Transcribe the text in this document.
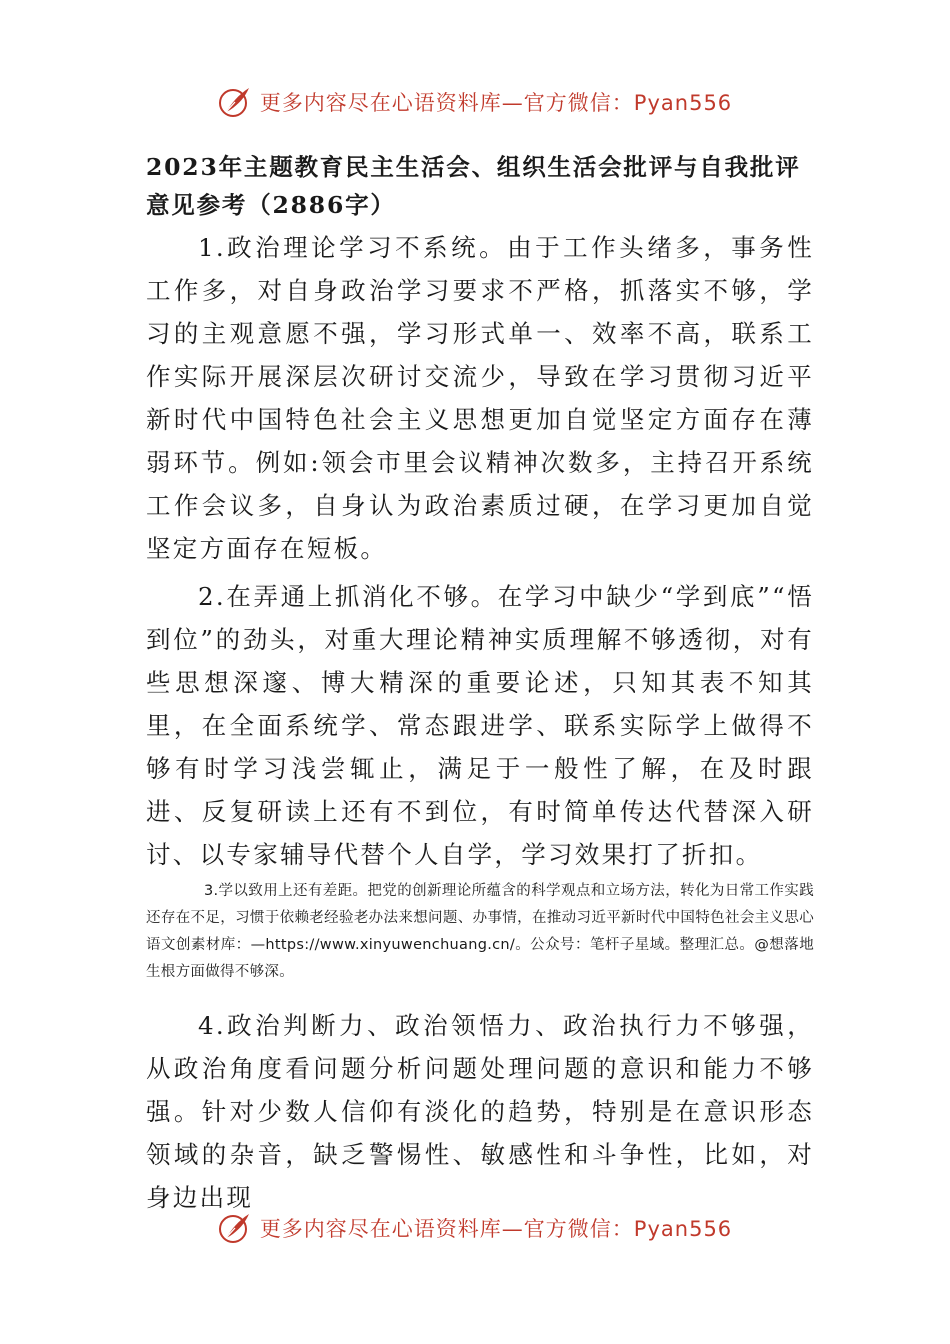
更多内容尽在心语资料库—官方微信：Pyan556
2023年主题教育民主生活会、组织生活会批评与自我批评意见参考（2886字）

1.政治理论学习不系统。由于工作头绪多，事务性工作多，对自身政治学习要求不严格，抓落实不够，学习的主观意愿不强，学习形式单一、效率不高，联系工作实际开展深层次研讨交流少，导致在学习贯彻习近平新时代中国特色社会主义思想更加自觉坚定方面存在薄弱环节。例如:领会市里会议精神次数多，主持召开系统工作会议多，自身认为政治素质过硬，在学习更加自觉坚定方面存在短板。

2.在弄通上抓消化不够。在学习中缺少“学到底”“悟到位”的劲头，对重大理论精神实质理解不够透彻，对有些思想深邃、博大精深的重要论述，只知其表不知其里，在全面系统学、常态跟进学、联系实际学上做得不够有时学习浅尝辄止，满足于一般性了解，在及时跟进、反复研读上还有不到位，有时简单传达代替深入研讨、以专家辅导代替个人自学，学习效果打了折扣。

3.学以致用上还有差距。把党的创新理论所蕴含的科学观点和立场方法，转化为日常工作实践还存在不足，习惯于依赖老经验老办法来想问题、办事情，在推动习近平新时代中国特色社会主义思心语文创素材库：—https://www.xinyuwenchuang.cn/。公众号：笔杆子星域。整理汇总。@想落地生根方面做得不够深。

4.政治判断力、政治领悟力、政治执行力不够强，从政治角度看问题分析问题处理问题的意识和能力不够强。针对少数人信仰有淡化的趋势，特别是在意识形态领域的杂音，缺乏警惕性、敏感性和斗争性，比如，对身边出现

更多内容尽在心语资料库—官方微信：Pyan556
